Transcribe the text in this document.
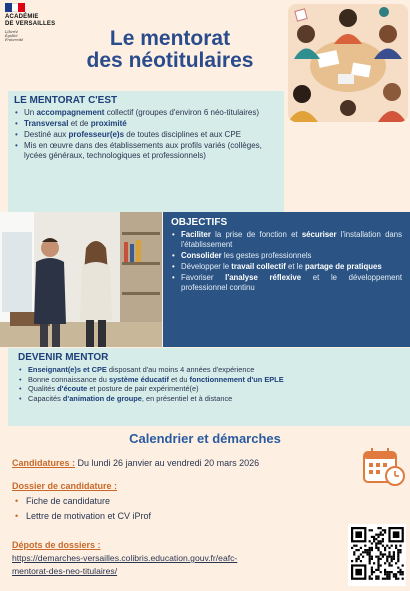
ACADÉMIE
DE VERSAILLES
Liberté
Égalité
Fraternité	Le mentorat
des néotitulaires
LE MENTORAT C'EST
• Un accompagnement collectif (groupes d'environ 6 néo-titulaires)
• Transversal et de proximité
• Destiné aux professeur(e)s de toutes disciplines et aux CPE
• Mis en œuvre dans des établissements aux profils variés (collèges, lycées généraux, technologiques et professionnels)
OBJECTIFS
• Faciliter la prise de fonction et sécuriser l'installation dans l'établissement
• Consolider les gestes professionnels
• Développer le travail collectif et le partage de pratiques
• Favoriser l'analyse réflexive et le développement professionnel continu
DEVENIR MENTOR
• Enseignant(e)s et CPE disposant d'au moins 4 années d'expérience
• Bonne connaissance du système éducatif et du fonctionnement d'un EPLE
• Qualités d'écoute et posture de pair expérimenté(e)
• Capacités d'animation de groupe, en présentiel et à distance
Calendrier et démarches
Candidatures : Du lundi 26 janvier au vendredi 20 mars 2026
Dossier de candidature :
• Fiche de candidature
• Lettre de motivation et CV iProf
Dépots de dossiers :
https://demarches-versailles.colibris.education.gouv.fr/eafc-
mentorat-des-neo-titulaires/
